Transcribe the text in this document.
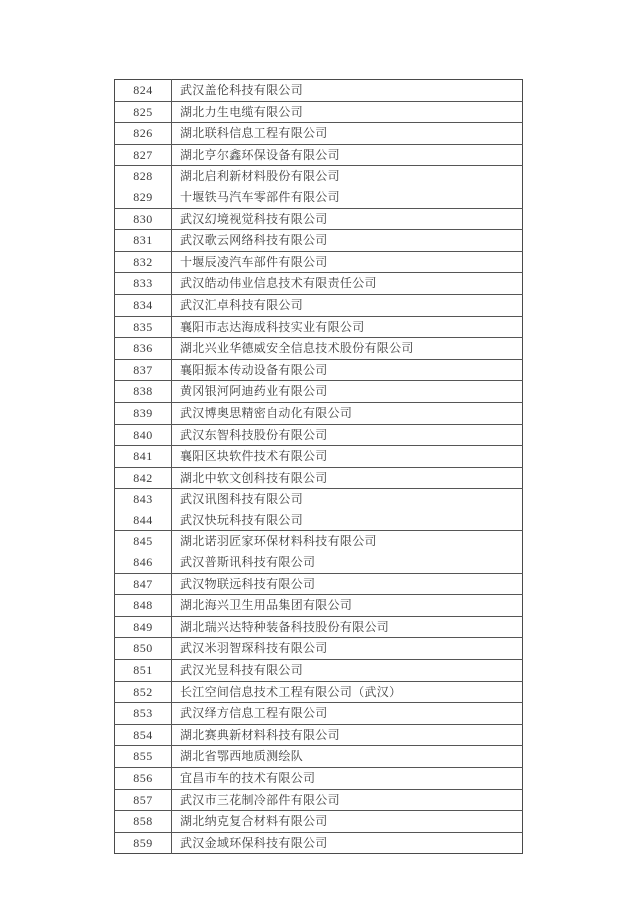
824	武汉盖伦科技有限公司
825	湖北力生电缆有限公司
826	湖北联科信息工程有限公司
827	湖北亨尔鑫环保设备有限公司
828	湖北启利新材料股份有限公司
829	十堰铁马汽车零部件有限公司
830	武汉幻境视觉科技有限公司
831	武汉歌云网络科技有限公司
832	十堰辰凌汽车部件有限公司
833	武汉皓动伟业信息技术有限责任公司
834	武汉汇卓科技有限公司
835	襄阳市志达海成科技实业有限公司
836	湖北兴业华德威安全信息技术股份有限公司
837	襄阳振本传动设备有限公司
838	黄冈银河阿迪药业有限公司
839	武汉博奥思精密自动化有限公司
840	武汉东智科技股份有限公司
841	襄阳区块软件技术有限公司
842	湖北中软文创科技有限公司
843	武汉讯图科技有限公司
844	武汉快玩科技有限公司
845	湖北诺羽匠家环保材料科技有限公司
846	武汉普斯讯科技有限公司
847	武汉物联远科技有限公司
848	湖北海兴卫生用品集团有限公司
849	湖北瑞兴达特种装备科技股份有限公司
850	武汉米羽智琛科技有限公司
851	武汉光昱科技有限公司
852	长江空间信息技术工程有限公司（武汉）
853	武汉绎方信息工程有限公司
854	湖北赛典新材料科技有限公司
855	湖北省鄂西地质测绘队
856	宜昌市车的技术有限公司
857	武汉市三花制冷部件有限公司
858	湖北纳克复合材料有限公司
859	武汉金域环保科技有限公司
